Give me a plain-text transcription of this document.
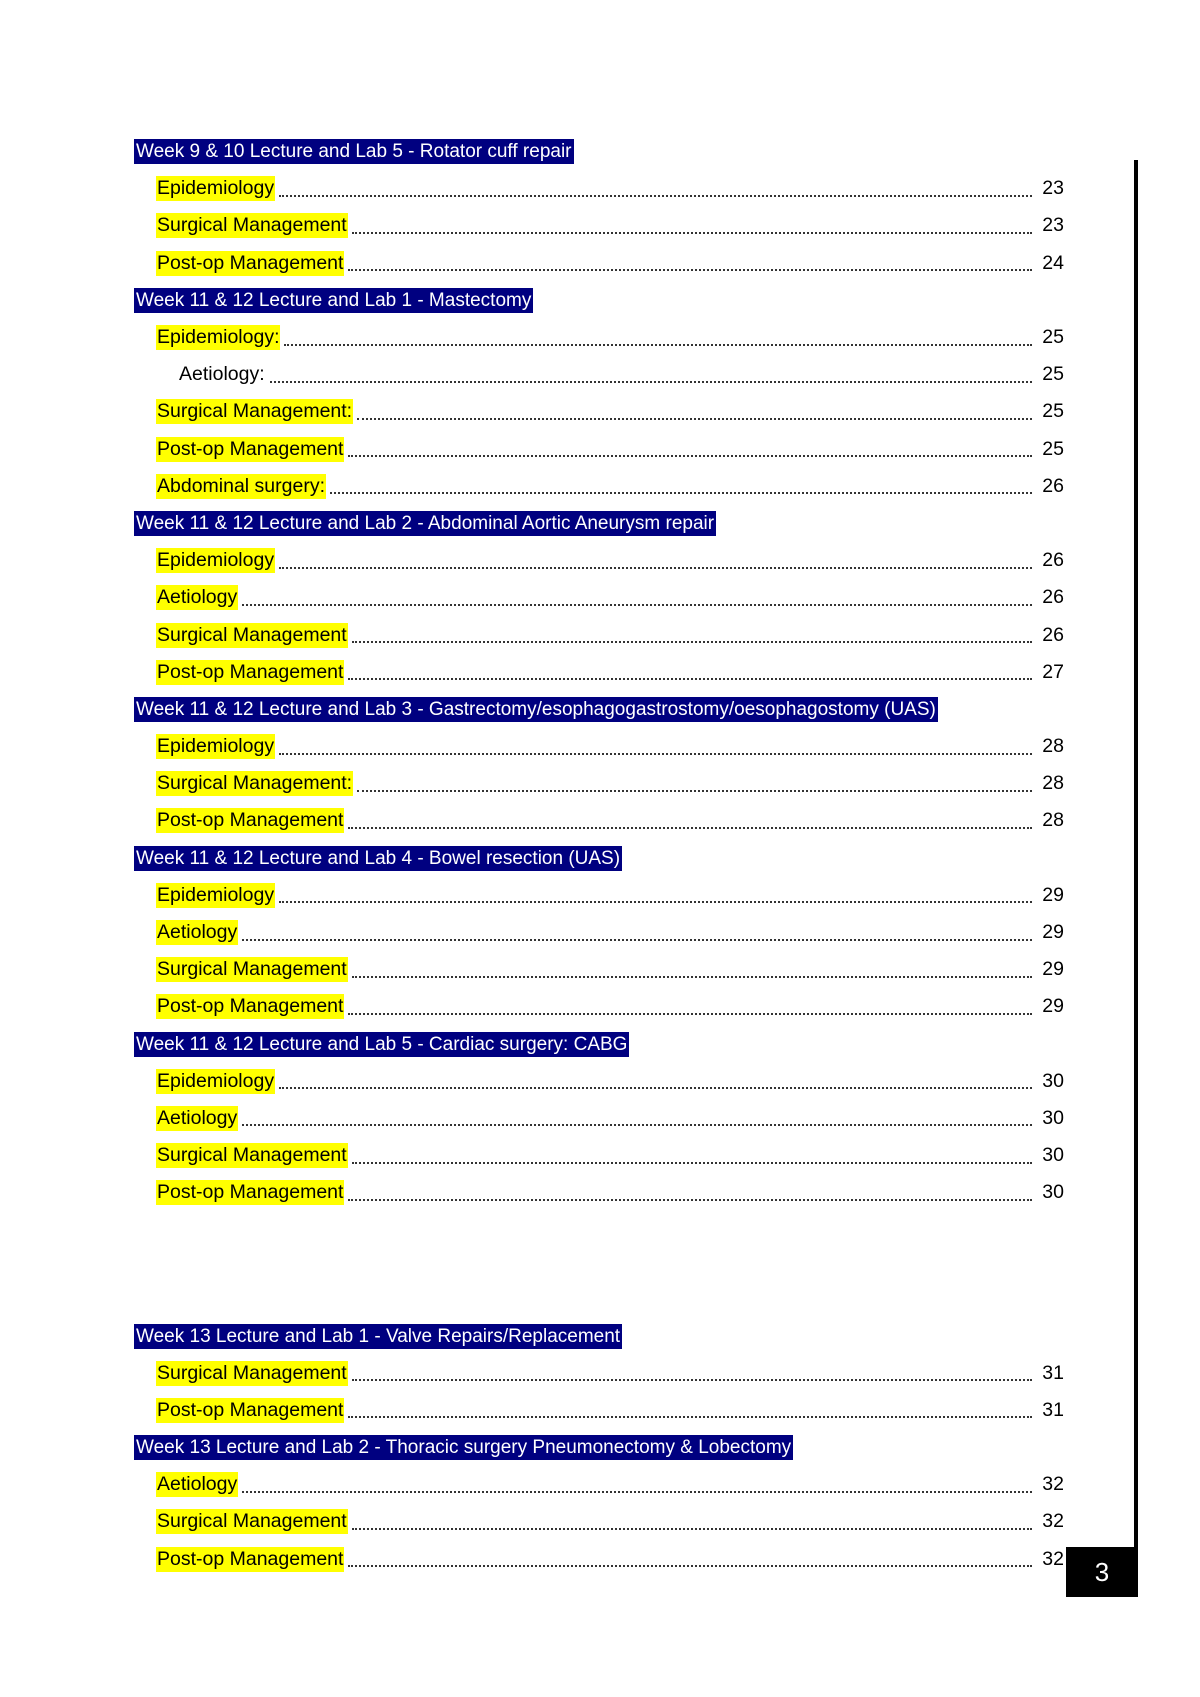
Week 9 & 10 Lecture and Lab 5 - Rotator cuff repair
Epidemiology	23
Surgical Management	23
Post-op Management	24
Week 11 & 12 Lecture and Lab 1 - Mastectomy
Epidemiology:	25
Aetiology:	25
Surgical Management:	25
Post-op Management	25
Abdominal surgery:	26
Week 11 & 12 Lecture and Lab 2 - Abdominal Aortic Aneurysm repair
Epidemiology	26
Aetiology	26
Surgical Management	26
Post-op Management	27
Week 11 & 12 Lecture and Lab 3 - Gastrectomy/esophagogastrostomy/oesophagostomy (UAS)
Epidemiology	28
Surgical Management:	28
Post-op Management	28
Week 11 & 12 Lecture and Lab 4 - Bowel resection (UAS)
Epidemiology	29
Aetiology	29
Surgical Management	29
Post-op Management	29
Week 11 & 12 Lecture and Lab 5 - Cardiac surgery: CABG
Epidemiology	30
Aetiology	30
Surgical Management	30
Post-op Management	30
Week 13 Lecture and Lab 1 - Valve Repairs/Replacement
Surgical Management	31
Post-op Management	31
Week 13 Lecture and Lab 2 - Thoracic surgery Pneumonectomy & Lobectomy
Aetiology	32
Surgical Management	32
Post-op Management	32 3
